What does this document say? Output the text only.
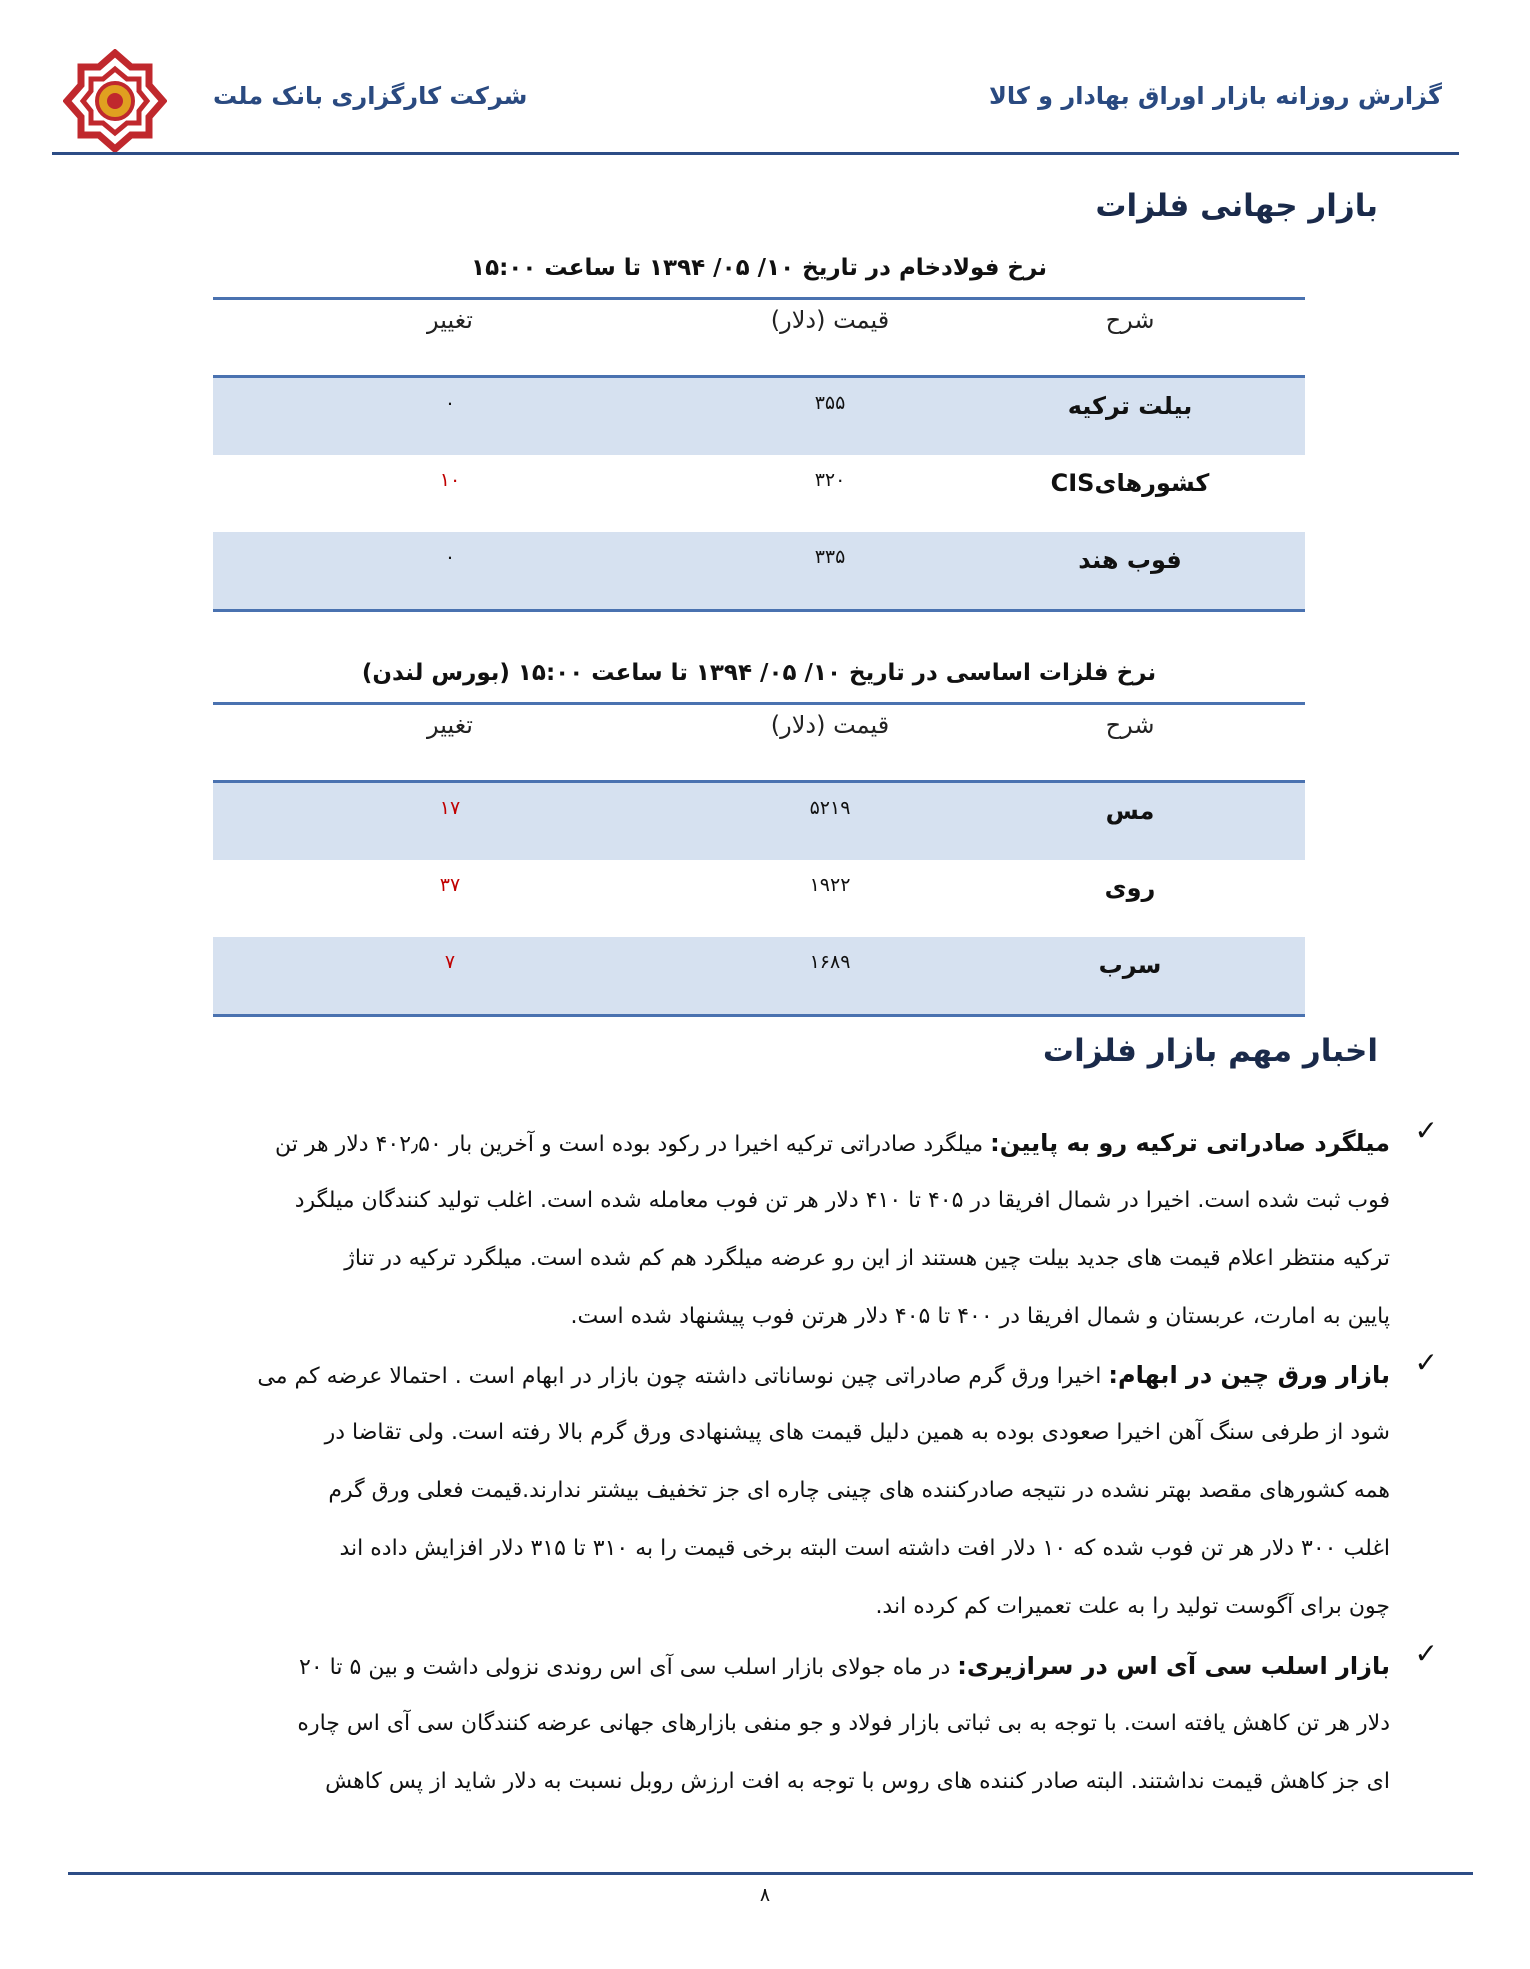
شرکت کارگزاری بانک ملت	گزارش روزانه بازار اوراق بهادار و کالا
بازار جهانی فلزات
نرخ فولادخام در تاریخ ۱۰/ ۰۵/ ۱۳۹۴ تا ساعت ۱۵:۰۰
شرح
قیمت (دلار)
تغییر
بیلت ترکیه
۳۵۵
۰
کشورهایCIS
۳۲۰
۱۰
فوب هند
۳۳۵
۰
نرخ فلزات اساسی در تاریخ ۱۰/ ۰۵/ ۱۳۹۴ تا ساعت ۱۵:۰۰ (بورس لندن)
شرح
قیمت (دلار)
تغییر
مس
۵۲۱۹
۱۷
روی
۱۹۲۲
۳۷
سرب
۱۶۸۹
۷
اخبار مهم بازار فلزات
✓
میلگرد صادراتی ترکیه رو به پایین: میلگرد صادراتی ترکیه اخیرا در رکود بوده است و آخرین بار ۴۰۲٫۵۰ دلار هر تن
فوب ثبت شده است. اخیرا در شمال افریقا در ۴۰۵ تا ۴۱۰ دلار هر تن فوب معامله شده است. اغلب تولید کنندگان میلگرد
ترکیه منتظر اعلام قیمت های جدید بیلت چین هستند از این رو عرضه میلگرد هم کم شده است. میلگرد ترکیه در تناژ
پایین به امارت، عربستان و شمال افریقا در ۴۰۰ تا ۴۰۵ دلار هرتن فوب پیشنهاد شده است.
✓
بازار ورق چین در ابهام: اخیرا ورق گرم صادراتی چین نوساناتی داشته چون بازار در ابهام است . احتمالا عرضه کم می
شود از طرفی سنگ آهن اخیرا صعودی بوده به همین دلیل قیمت های پیشنهادی ورق گرم بالا رفته است. ولی تقاضا در
همه کشورهای مقصد بهتر نشده در نتیجه صادرکننده های چینی چاره ای جز تخفیف بیشتر ندارند.قیمت فعلی ورق گرم
اغلب ۳۰۰ دلار هر تن فوب شده که ۱۰ دلار افت داشته است البته برخی قیمت را به ۳۱۰ تا ۳۱۵ دلار افزایش داده اند
چون برای آگوست تولید را به علت تعمیرات کم کرده اند.
✓
بازار اسلب سی آی اس در سرازیری: در ماه جولای بازار اسلب سی آی اس روندی نزولی داشت و بین ۵ تا ۲۰
دلار هر تن کاهش یافته است. با توجه به بی ثباتی بازار فولاد و جو منفی بازارهای جهانی عرضه کنندگان سی آی اس چاره
ای جز کاهش قیمت نداشتند. البته صادر کننده های روس با توجه به افت ارزش روبل نسبت به دلار شاید از پس کاهش
۸
